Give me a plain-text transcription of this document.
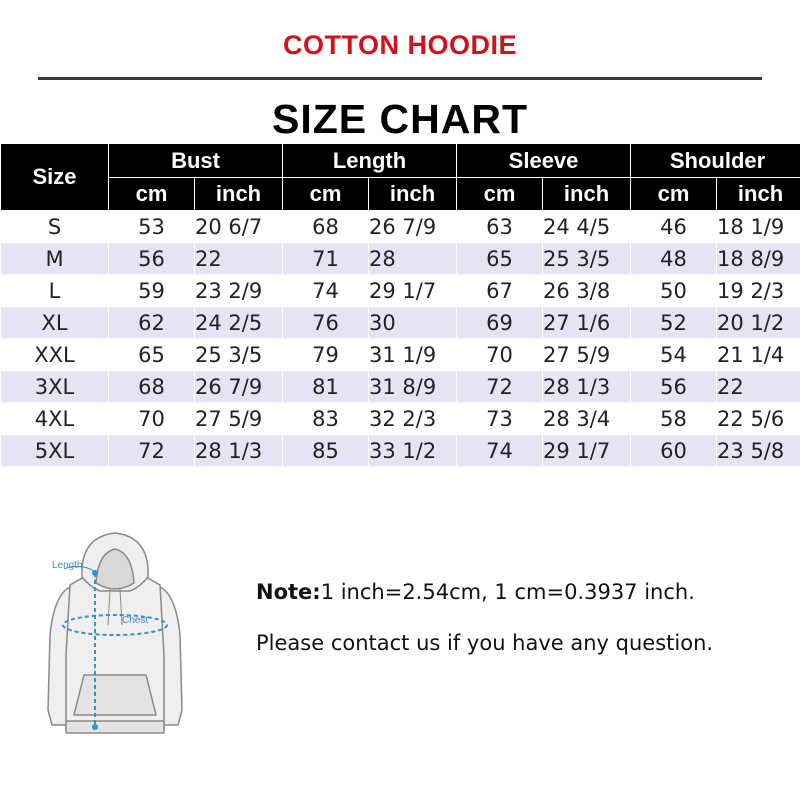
COTTON HOODIE
SIZE CHART
Size	Bust		Length		Sleeve		Shoulder	
	cm	inch	cm	inch	cm	inch	cm	inch
S	53	20 6/7	68	26 7/9	63	24 4/5	46	18 1/9
M	56	22	71	28	65	25 3/5	48	18 8/9
L	59	23 2/9	74	29 1/7	67	26 3/8	50	19 2/3
XL	62	24 2/5	76	30	69	27 1/6	52	20 1/2
XXL	65	25 3/5	79	31 1/9	70	27 5/9	54	21 1/4
3XL	68	26 7/9	81	31 8/9	72	28 1/3	56	22
4XL	70	27 5/9	83	32 2/3	73	28 3/4	58	22 5/6
5XL	72	28 1/3	85	33 1/2	74	29 1/7	60	23 5/8
Length
Chest
Note:1 inch=2.54cm, 1 cm=0.3937 inch.
Please contact us if you have any question.
